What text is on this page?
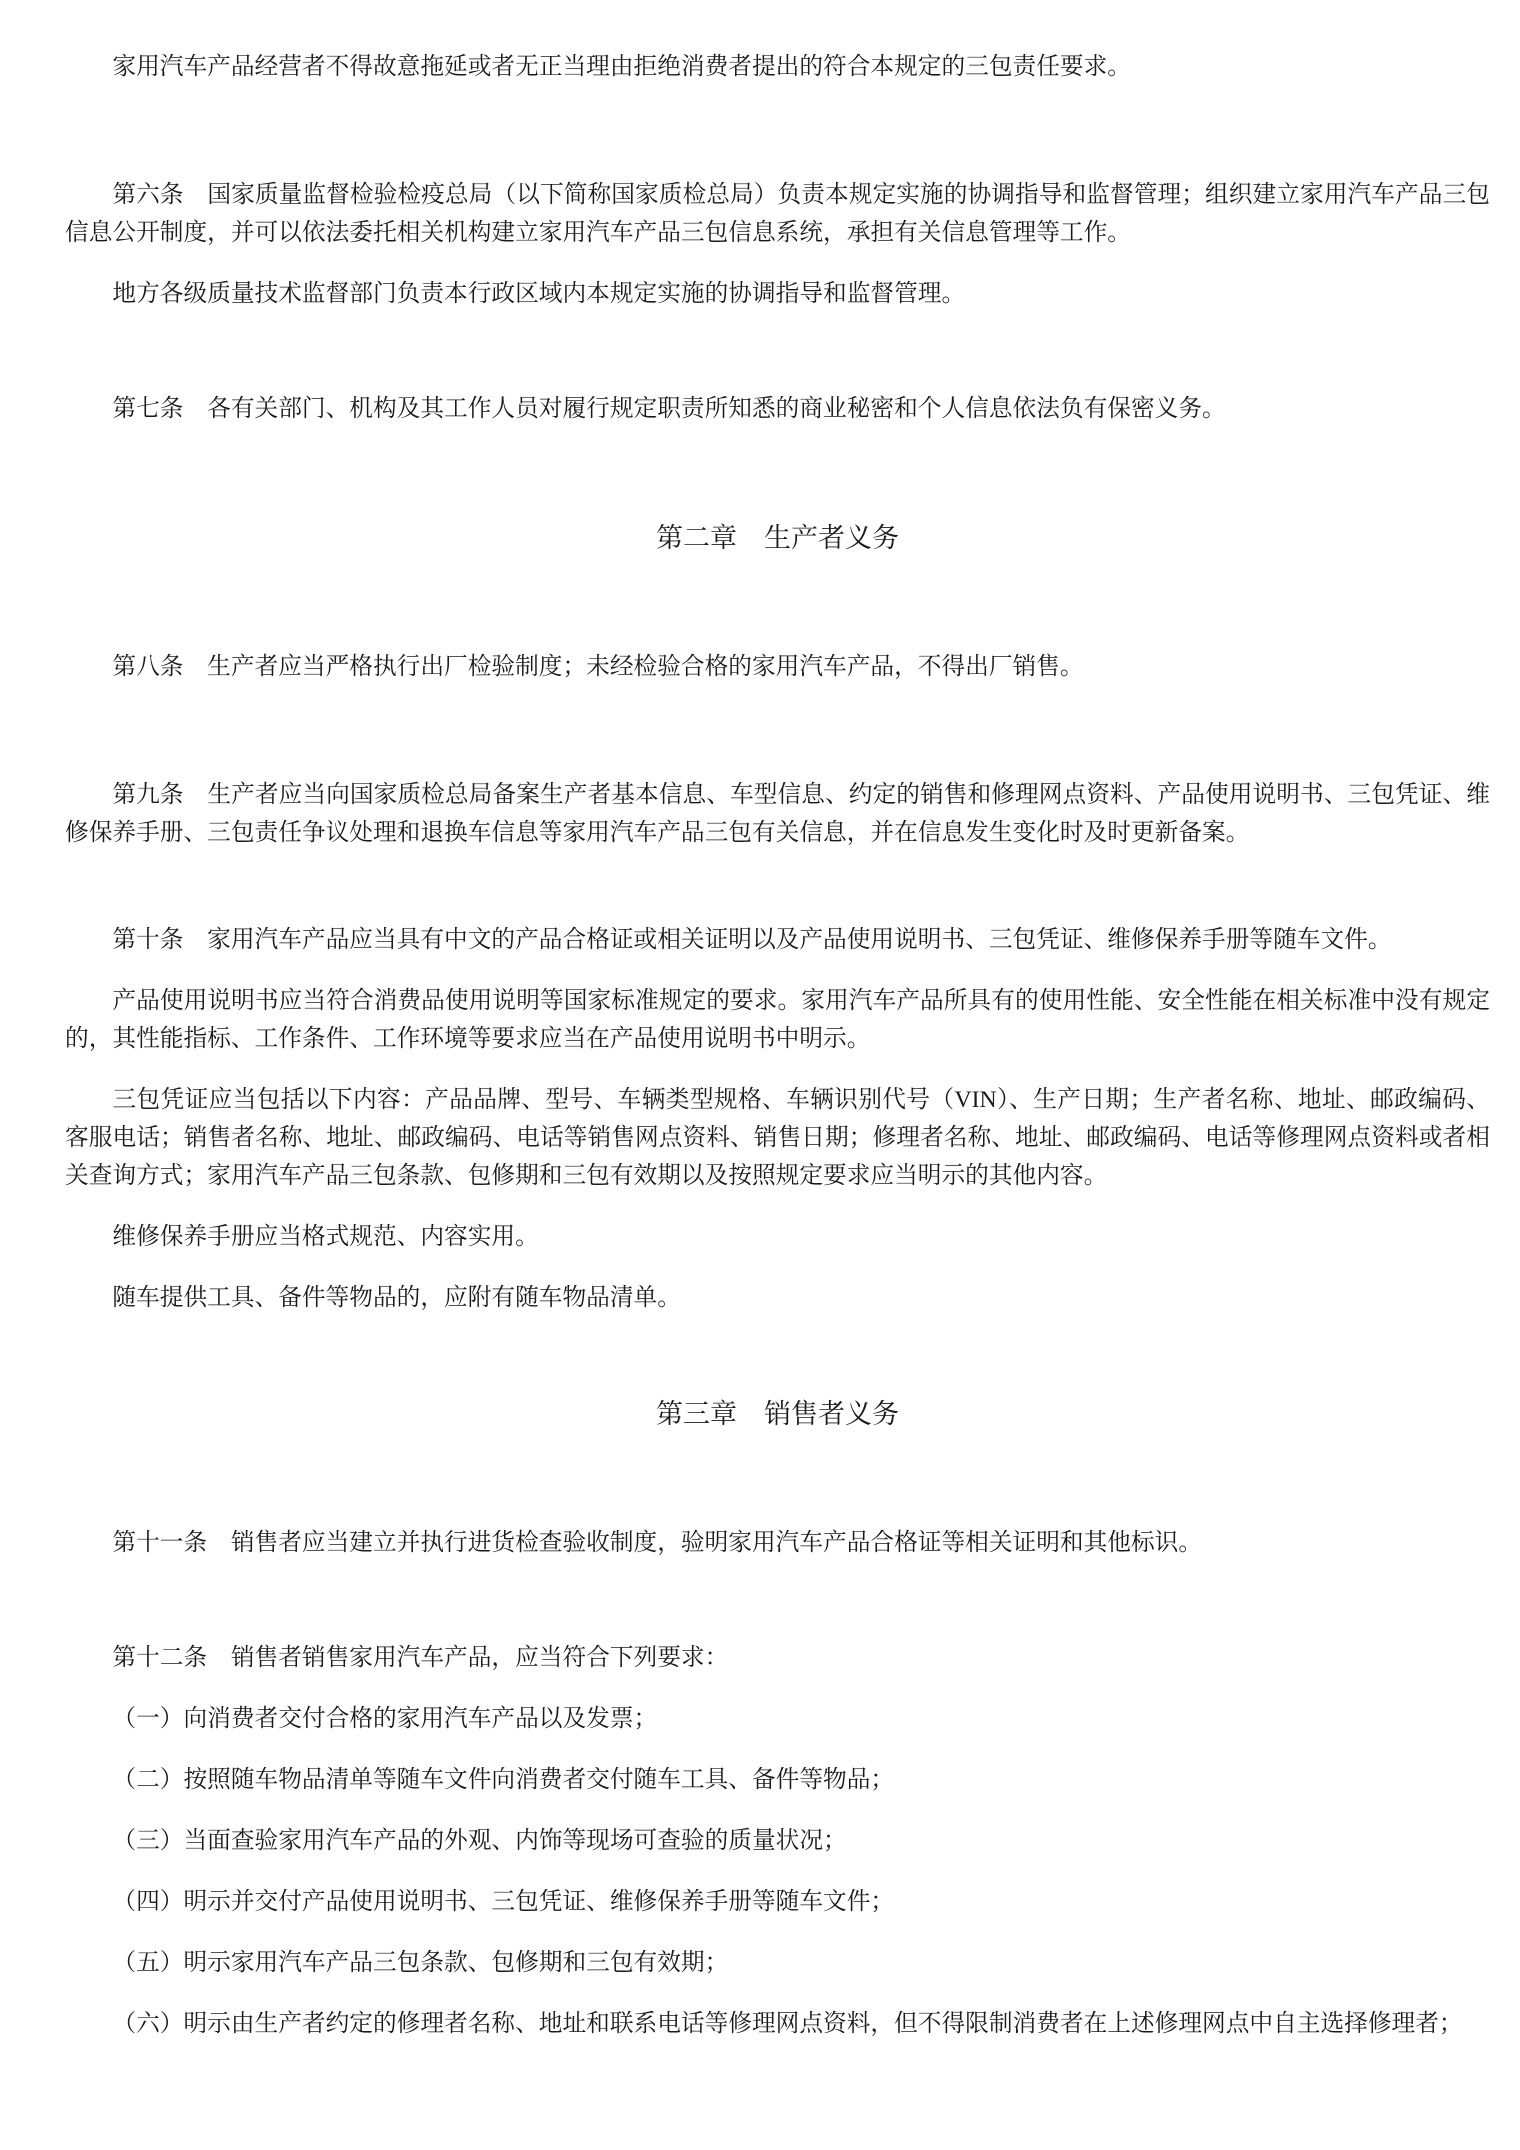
家用汽车产品经营者不得故意拖延或者无正当理由拒绝消费者提出的符合本规定的三包责任要求。

第六条　国家质量监督检验检疫总局（以下简称国家质检总局）负责本规定实施的协调指导和监督管理；组织建立家用汽车产品三包信息公开制度，并可以依法委托相关机构建立家用汽车产品三包信息系统，承担有关信息管理等工作。

地方各级质量技术监督部门负责本行政区域内本规定实施的协调指导和监督管理。

第七条　各有关部门、机构及其工作人员对履行规定职责所知悉的商业秘密和个人信息依法负有保密义务。

第二章　生产者义务

第八条　生产者应当严格执行出厂检验制度；未经检验合格的家用汽车产品，不得出厂销售。

第九条　生产者应当向国家质检总局备案生产者基本信息、车型信息、约定的销售和修理网点资料、产品使用说明书、三包凭证、维修保养手册、三包责任争议处理和退换车信息等家用汽车产品三包有关信息，并在信息发生变化时及时更新备案。

第十条　家用汽车产品应当具有中文的产品合格证或相关证明以及产品使用说明书、三包凭证、维修保养手册等随车文件。

产品使用说明书应当符合消费品使用说明等国家标准规定的要求。家用汽车产品所具有的使用性能、安全性能在相关标准中没有规定的，其性能指标、工作条件、工作环境等要求应当在产品使用说明书中明示。

三包凭证应当包括以下内容：产品品牌、型号、车辆类型规格、车辆识别代号（VIN）、生产日期；生产者名称、地址、邮政编码、客服电话；销售者名称、地址、邮政编码、电话等销售网点资料、销售日期；修理者名称、地址、邮政编码、电话等修理网点资料或者相关查询方式；家用汽车产品三包条款、包修期和三包有效期以及按照规定要求应当明示的其他内容。

维修保养手册应当格式规范、内容实用。

随车提供工具、备件等物品的，应附有随车物品清单。

第三章　销售者义务

第十一条　销售者应当建立并执行进货检查验收制度，验明家用汽车产品合格证等相关证明和其他标识。

第十二条　销售者销售家用汽车产品，应当符合下列要求：

（一）向消费者交付合格的家用汽车产品以及发票；

（二）按照随车物品清单等随车文件向消费者交付随车工具、备件等物品；

（三）当面查验家用汽车产品的外观、内饰等现场可查验的质量状况；

（四）明示并交付产品使用说明书、三包凭证、维修保养手册等随车文件；

（五）明示家用汽车产品三包条款、包修期和三包有效期；

（六）明示由生产者约定的修理者名称、地址和联系电话等修理网点资料，但不得限制消费者在上述修理网点中自主选择修理者；
